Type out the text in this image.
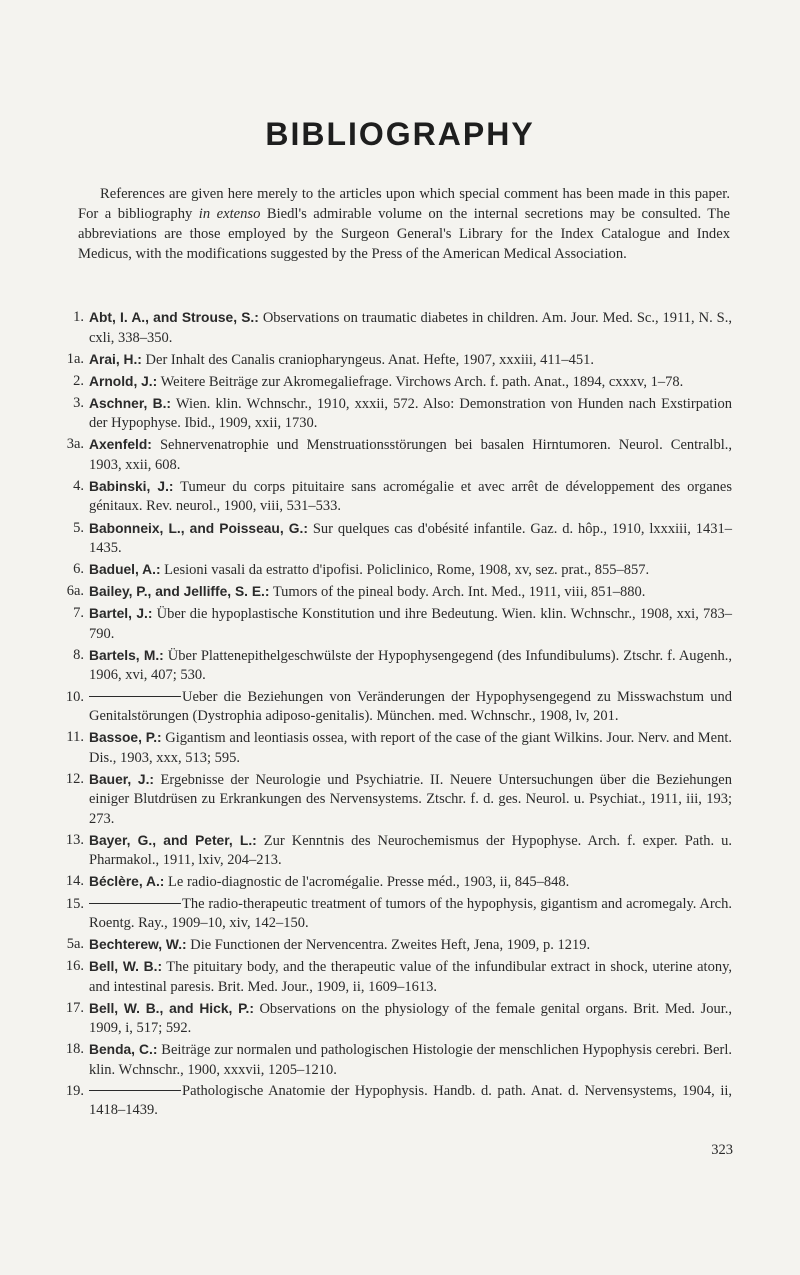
BIBLIOGRAPHY

References are given here merely to the articles upon which special comment has been made in this paper. For a bibliography in extenso Biedl's admirable volume on the internal secretions may be consulted. The abbreviations are those employed by the Surgeon General's Library for the Index Catalogue and Index Medicus, with the modifications suggested by the Press of the American Medical Association.

1. Abt, I. A., and Strouse, S.: Observations on traumatic diabetes in children. Am. Jour. Med. Sc., 1911, N. S., cxli, 338–350.
1a. Arai, H.: Der Inhalt des Canalis craniopharyngeus. Anat. Hefte, 1907, xxxiii, 411–451.
2. Arnold, J.: Weitere Beiträge zur Akromegaliefrage. Virchows Arch. f. path. Anat., 1894, cxxxv, 1–78.
3. Aschner, B.: Wien. klin. Wchnschr., 1910, xxxii, 572. Also: Demonstration von Hunden nach Exstirpation der Hypophyse. Ibid., 1909, xxii, 1730.
3a. Axenfeld: Sehnervenatrophie und Menstruationsstörungen bei basalen Hirntumoren. Neurol. Centralbl., 1903, xxii, 608.
4. Babinski, J.: Tumeur du corps pituitaire sans acromégalie et avec arrêt de développement des organes génitaux. Rev. neurol., 1900, viii, 531–533.
5. Babonneix, L., and Poisseau, G.: Sur quelques cas d'obésité infantile. Gaz. d. hôp., 1910, lxxxiii, 1431–1435.
6. Baduel, A.: Lesioni vasali da estratto d'ipofisi. Policlinico, Rome, 1908, xv, sez. prat., 855–857.
6a. Bailey, P., and Jelliffe, S. E.: Tumors of the pineal body. Arch. Int. Med., 1911, viii, 851–880.
7. Bartel, J.: Über die hypoplastische Konstitution und ihre Bedeutung. Wien. klin. Wchnschr., 1908, xxi, 783–790.
8. Bartels, M.: Über Plattenepithelgeschwülste der Hypophysengegend (des Infundibulums). Ztschr. f. Augenh., 1906, xvi, 407; 530.
10.	Ueber die Beziehungen von Veränderungen der Hypophysengegend zu Misswachstum und Genitalstörungen (Dystrophia adiposo-genitalis). München. med. Wchnschr., 1908, lv, 201.
11. Bassoe, P.: Gigantism and leontiasis ossea, with report of the case of the giant Wilkins. Jour. Nerv. and Ment. Dis., 1903, xxx, 513; 595.
12. Bauer, J.: Ergebnisse der Neurologie und Psychiatrie. II. Neuere Untersuchungen über die Beziehungen einiger Blutdrüsen zu Erkrankungen des Nervensystems. Ztschr. f. d. ges. Neurol. u. Psychiat., 1911, iii, 193; 273.
13. Bayer, G., and Peter, L.: Zur Kenntnis des Neurochemismus der Hypophyse. Arch. f. exper. Path. u. Pharmakol., 1911, lxiv, 204–213.
14. Béclère, A.: Le radio-diagnostic de l'acromégalie. Presse méd., 1903, ii, 845–848.
15.	The radio-therapeutic treatment of tumors of the hypophysis, gigantism and acromegaly. Arch. Roentg. Ray., 1909–10, xiv, 142–150.
5a. Bechterew, W.: Die Functionen der Nervencentra. Zweites Heft, Jena, 1909, p. 1219.
16. Bell, W. B.: The pituitary body, and the therapeutic value of the infundibular extract in shock, uterine atony, and intestinal paresis. Brit. Med. Jour., 1909, ii, 1609–1613.
17. Bell, W. B., and Hick, P.: Observations on the physiology of the female genital organs. Brit. Med. Jour., 1909, i, 517; 592.
18. Benda, C.: Beiträge zur normalen und pathologischen Histologie der menschlichen Hypophysis cerebri. Berl. klin. Wchnschr., 1900, xxxvii, 1205–1210.
19.	Pathologische Anatomie der Hypophysis. Handb. d. path. Anat. d. Nervensystems, 1904, ii, 1418–1439.
323
